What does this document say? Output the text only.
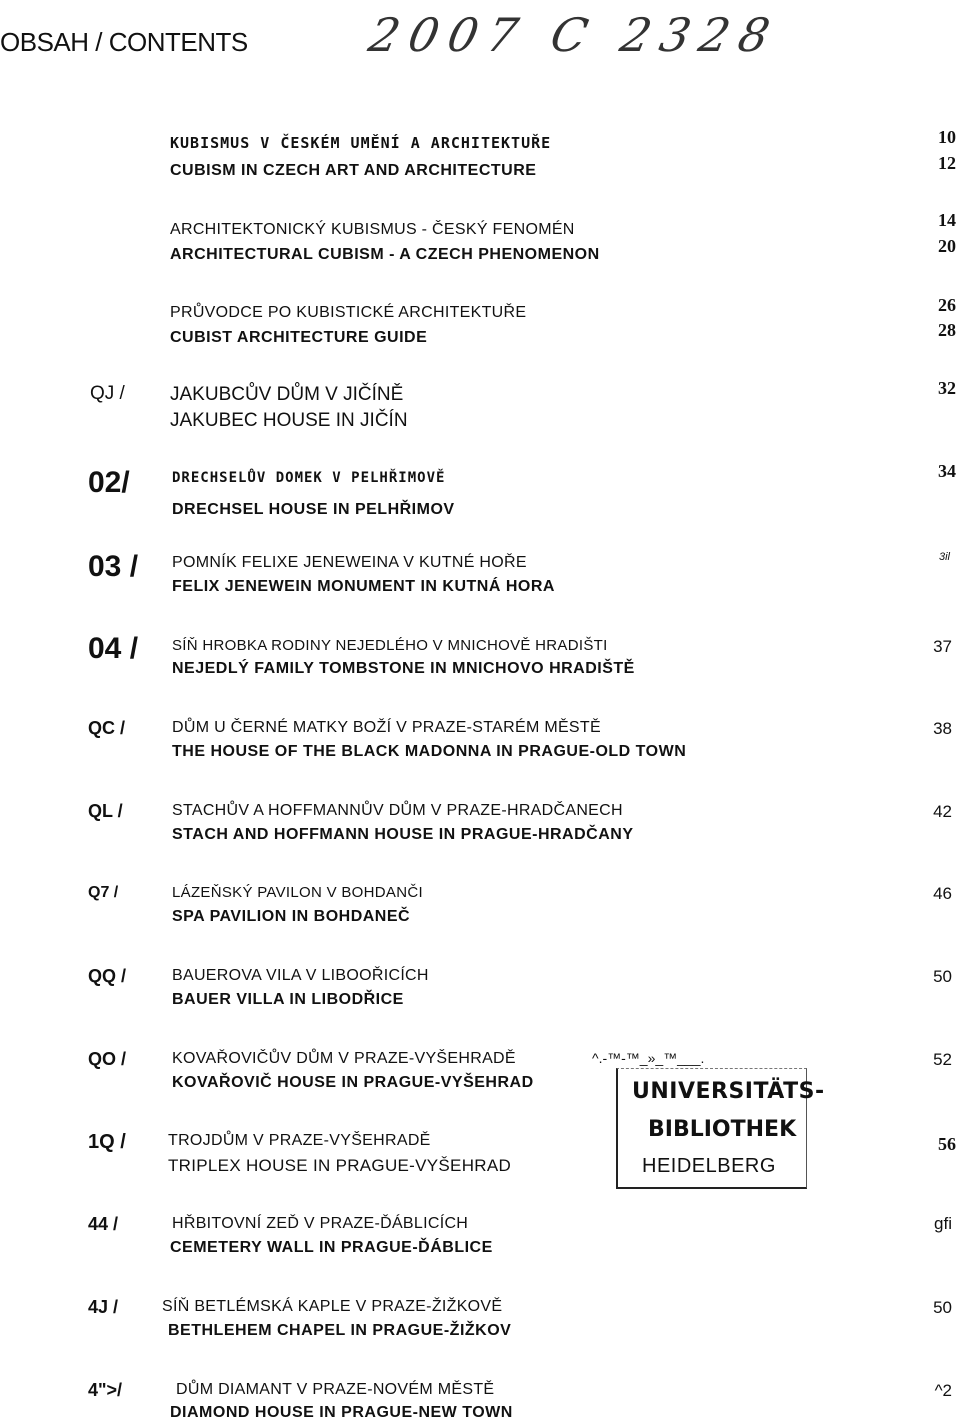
OBSAH / CONTENTS	2007 C 2328
KUBISMUS V ČESKÉM UMĚNÍ A ARCHITEKTUŘE
CUBISM IN CZECH ART AND ARCHITECTURE
10
12
ARCHITEKTONICKÝ KUBISMUS - ČESKÝ FENOMÉN
ARCHITECTURAL CUBISM - A CZECH PHENOMENON
14
20
PRŮVODCE PO KUBISTICKÉ ARCHITEKTUŘE
CUBIST ARCHITECTURE GUIDE
26
28
QJ / JAKUBCŮV DŮM V JIČÍNĚ
JAKUBEC HOUSE IN JIČÍN
32
02/	DRECHSELŮV DOMEK V PELHŘIMOVĚ
DRECHSEL HOUSE IN PELHŘIMOV
34
03 / POMNÍK FELIXE JENEWEINA V KUTNÉ HOŘE
FELIX JENEWEIN MONUMENT IN KUTNÁ HORA
3il
04 / SÍŇ HROBKA RODINY NEJEDLÉHO V MNICHOVĚ HRADIŠTI
NEJEDLÝ FAMILY TOMBSTONE IN MNICHOVO HRADIŠTĚ
37
QC /	DŮM U ČERNÉ MATKY BOŽÍ V PRAZE-STARÉM MĚSTĚ
THE HOUSE OF THE BLACK MADONNA IN PRAGUE-OLD TOWN
38
QL /	STACHŮV A HOFFMANNŮV DŮM V PRAZE-HRADČANECH
STACH AND HOFFMANN HOUSE IN PRAGUE-HRADČANY
42
Q7 /	LÁZEŇSKÝ PAVILON V BOHDANČI
SPA PAVILION IN BOHDANEČ
46
QQ /	BAUEROVA VILA V LIBOOŘICÍCH
BAUER VILLA IN LIBODŘICE
50
QO /	KOVAŘOVIČŮV DŮM V PRAZE-VYŠEHRADĚ
KOVAŘOVIČ HOUSE IN PRAGUE-VYŠEHRAD
52
1Q /	TROJDŮM V PRAZE-VYŠEHRADĚ
TRIPLEX HOUSE IN PRAGUE-VYŠEHRAD
56
44 /	HŘBITOVNÍ ZEĎ V PRAZE-ĎÁBLICÍCH
CEMETERY WALL IN PRAGUE-ĎÁBLICE
gfi
4J /	SÍŇ BETLÉMSKÁ KAPLE V PRAZE-ŽIŽKOVĚ
BETHLEHEM CHAPEL IN PRAGUE-ŽIŽKOV
50
4">/	DŮM DIAMANT V PRAZE-NOVÉM MĚSTĚ
DIAMOND HOUSE IN PRAGUE-NEW TOWN
^2
^.-™-™_»_™___.
UNIVERSITÄTS-
BIBLIOTHEK
HEIDELBERG
